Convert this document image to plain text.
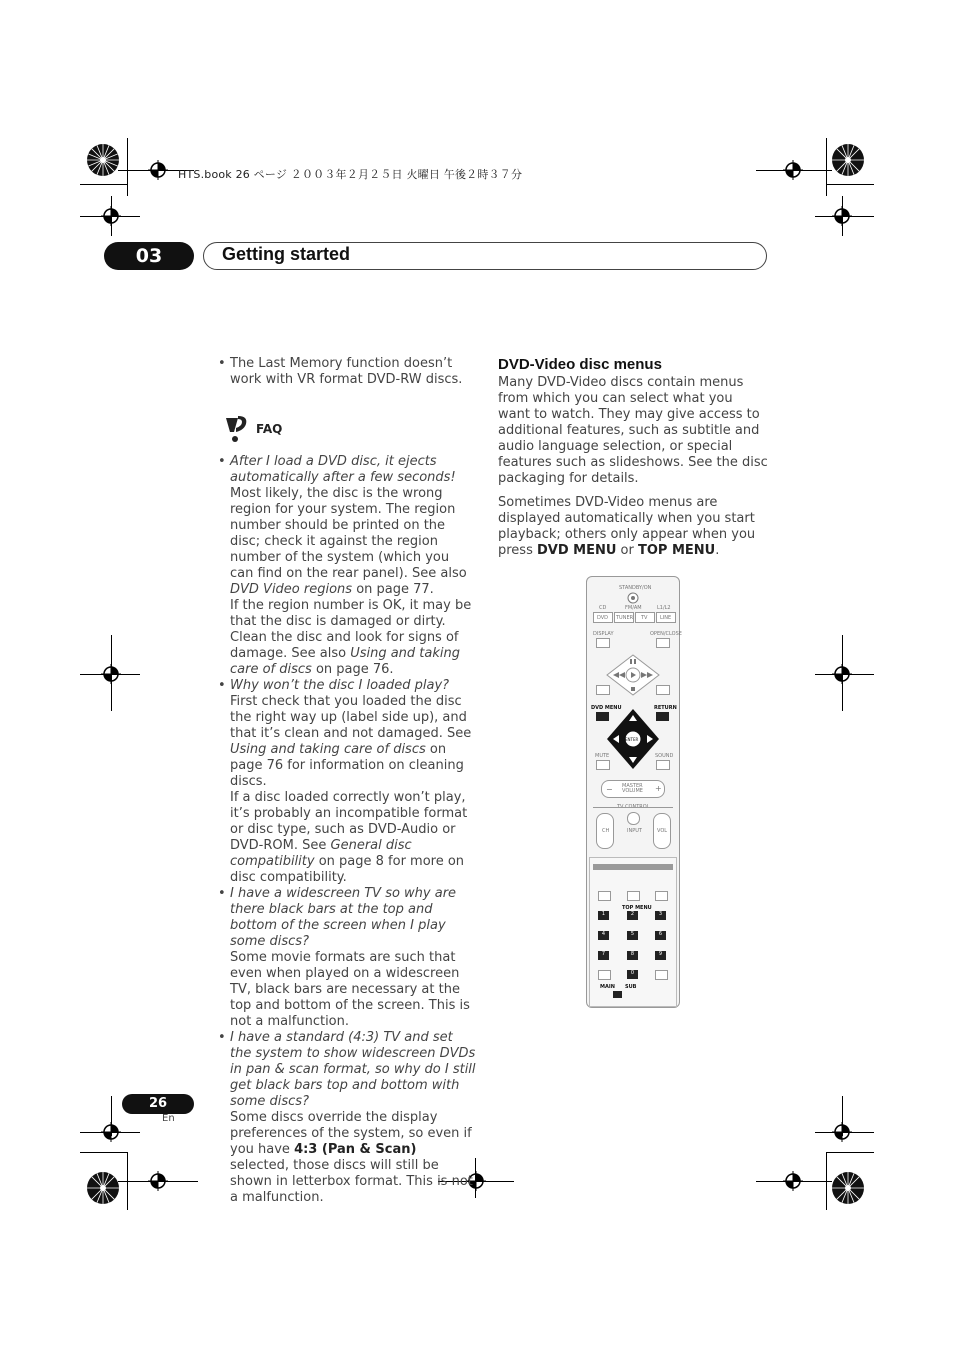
HTS.book 26 ページ ２００３年２月２５日 火曜日 午後２時３７分
03	Getting started
• The Last Memory function doesn’t work with VR format DVD-RW discs.
FAQ
• After I load a DVD disc, it ejects automatically after a few seconds!
Most likely, the disc is the wrong region for your system. The region number should be printed on the disc; check it against the region number of the system (which you can find on the rear panel). See also DVD Video regions on page 77.
If the region number is OK, it may be that the disc is damaged or dirty. Clean the disc and look for signs of damage. See also Using and taking care of discs on page 76.
• Why won’t the disc I loaded play?
First check that you loaded the disc the right way up (label side up), and that it’s clean and not damaged. See Using and taking care of discs on page 76 for information on cleaning discs.
If a disc loaded correctly won’t play, it’s probably an incompatible format or disc type, such as DVD-Audio or DVD-ROM. See General disc compatibility on page 8 for more on disc compatibility.
• I have a widescreen TV so why are there black bars at the top and bottom of the screen when I play some discs?
Some movie formats are such that even when played on a widescreen TV, black bars are necessary at the top and bottom of the screen. This is not a malfunction.
• I have a standard (4:3) TV and set the system to show widescreen DVDs in pan & scan format, so why do I still get black bars top and bottom with some discs?
Some discs override the display preferences of the system, so even if you have 4:3 (Pan & Scan) selected, those discs will still be shown in letterbox format. This is not a malfunction.
DVD-Video disc menus

Many DVD-Video discs contain menus from which you can select what you want to watch. They may give access to additional features, such as subtitle and audio language selection, or special features such as slideshows. See the disc packaging for details.

Sometimes DVD-Video menus are displayed automatically when you start playback; others only appear when you press DVD MENU or TOP MENU.

STANDBY/ON
CD	FM/AM	L1/L2
DVD TUNER TV	LINE
DISPLAY	OPEN/CLOSE
DVD MENU	RETURN
ENTER
MUTE	SOUND
− MASTER VOLUME +
CH	INPUT	VOL
TOP MENU
1	2	3
4	5	6
7	8	9
0
MAIN SUB
26
En
